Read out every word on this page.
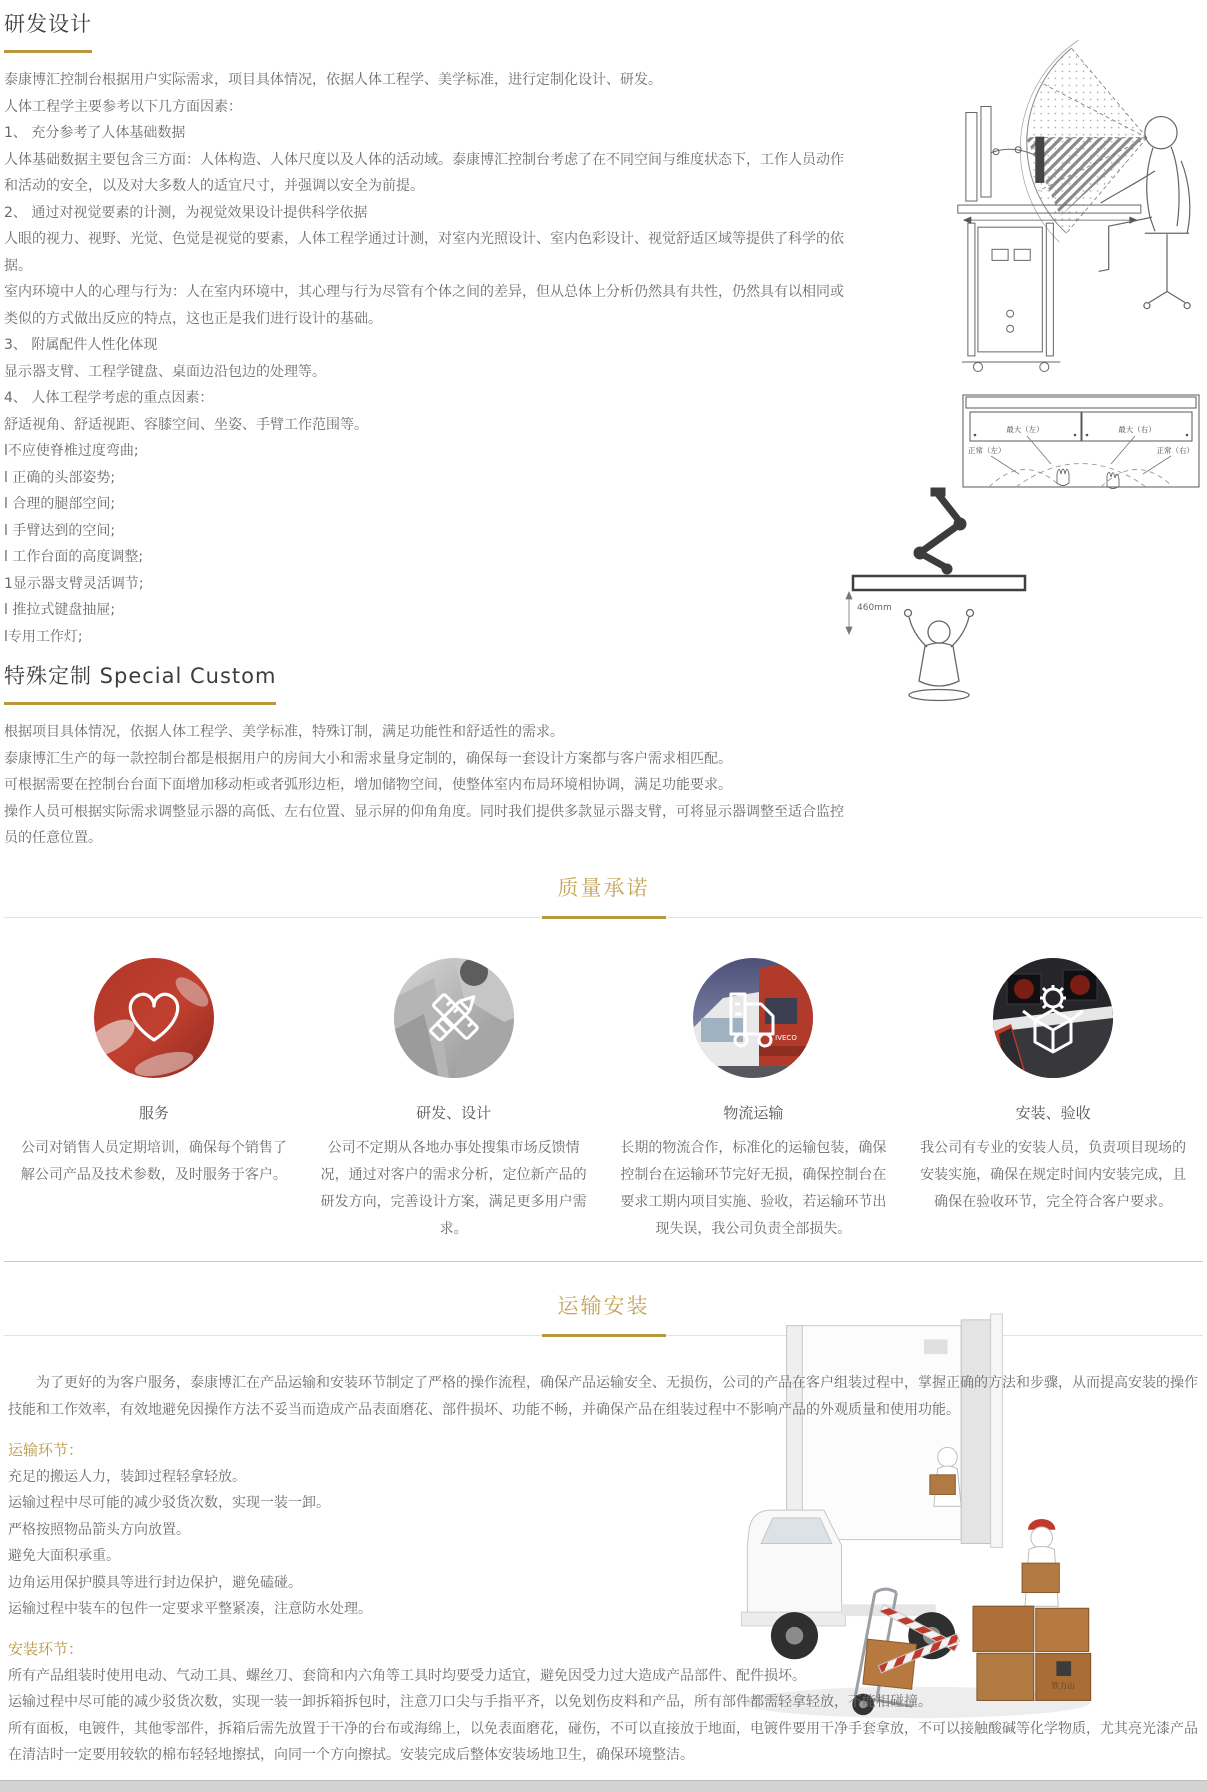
研发设计

泰康博汇控制台根据用户实际需求，项目具体情况，依据人体工程学、美学标准，进行定制化设计、研发。

人体工程学主要参考以下几方面因素：

1、 充分参考了人体基础数据

人体基础数据主要包含三方面：人体构造、人体尺度以及人体的活动域。泰康博汇控制台考虑了在不同空间与维度状态下，工作人员动作和活动的安全，以及对大多数人的适宜尺寸，并强调以安全为前提。

2、 通过对视觉要素的计测，为视觉效果设计提供科学依据

人眼的视力、视野、光觉、色觉是视觉的要素，人体工程学通过计测，对室内光照设计、室内色彩设计、视觉舒适区域等提供了科学的依据。

室内环境中人的心理与行为：人在室内环境中，其心理与行为尽管有个体之间的差异，但从总体上分析仍然具有共性，仍然具有以相同或类似的方式做出反应的特点，这也正是我们进行设计的基础。

3、 附属配件人性化体现

显示器支臂、工程学键盘、桌面边沿包边的处理等。

4、 人体工程学考虑的重点因素：

舒适视角、舒适视距、容膝空间、坐姿、手臂工作范围等。

l不应使脊椎过度弯曲;

l 正确的头部姿势;

l 合理的腿部空间;

l 手臂达到的空间;

l 工作台面的高度调整;

1显示器支臂灵活调节;

l 推拉式键盘抽屉;

l专用工作灯;

最大（左）	最大（右）
正常（左）	正常（右）
460mm
特殊定制 Special Custom

根据项目具体情况，依据人体工程学、美学标准，特殊订制，满足功能性和舒适性的需求。

泰康博汇生产的每一款控制台都是根据用户的房间大小和需求量身定制的，确保每一套设计方案都与客户需求相匹配。

可根据需要在控制台台面下面增加移动柜或者弧形边柜，增加储物空间，使整体室内布局环境相协调，满足功能要求。

操作人员可根据实际需求调整显示器的高低、左右位置、显示屏的仰角角度。同时我们提供多款显示器支臂，可将显示器调整至适合监控员的任意位置。

质量承诺
服务
公司对销售人员定期培训，确保每个销售了解公司产品及技术参数，及时服务于客户。
研发、设计
公司不定期从各地办事处搜集市场反馈情况，通过对客户的需求分析，定位新产品的研发方向，完善设计方案，满足更多用户需求。
IVECO
物流运输
长期的物流合作，标准化的运输包装，确保控制台在运输环节完好无损，确保控制台在要求工期内项目实施、验收，若运输环节出现失误，我公司负责全部损失。
安装、验收
我公司有专业的安装人员，负责项目现场的安装实施，确保在规定时间内安装完成，且确保在验收环节，完全符合客户要求。
运输安装
铁力山

为了更好的为客户服务，泰康博汇在产品运输和安装环节制定了严格的操作流程，确保产品运输安全、无损伤，公司的产品在客户组装过程中，掌握正确的方法和步骤，从而提高安装的操作技能和工作效率，有效地避免因操作方法不妥当而造成产品表面磨花、部件损坏、功能不畅，并确保产品在组装过程中不影响产品的外观质量和使用功能。

运输环节：

充足的搬运人力，装卸过程轻拿轻放。

运输过程中尽可能的减少驳货次数，实现一装一卸。

严格按照物品箭头方向放置。

避免大面积承重。

边角运用保护膜具等进行封边保护，避免磕碰。

运输过程中装车的包件一定要求平整紧凑，注意防水处理。

安装环节：

所有产品组装时使用电动、气动工具、螺丝刀、套筒和内六角等工具时均要受力适宜，避免因受力过大造成产品部件、配件损坏。

运输过程中尽可能的减少驳货次数，实现一装一卸拆箱拆包时，注意刀口尖与手指平齐，以免划伤皮料和产品，所有部件都需轻拿轻放，不能相碰撞。

所有面板，电镀件，其他零部件，拆箱后需先放置于干净的台布或海绵上，以免表面磨花，碰伤，不可以直接放于地面，电镀件要用干净手套拿放，不可以接触酸碱等化学物质，尤其亮光漆产品在清洁时一定要用较软的棉布轻轻地擦拭，向同一个方向擦拭。安装完成后整体安装场地卫生，确保环境整洁。
